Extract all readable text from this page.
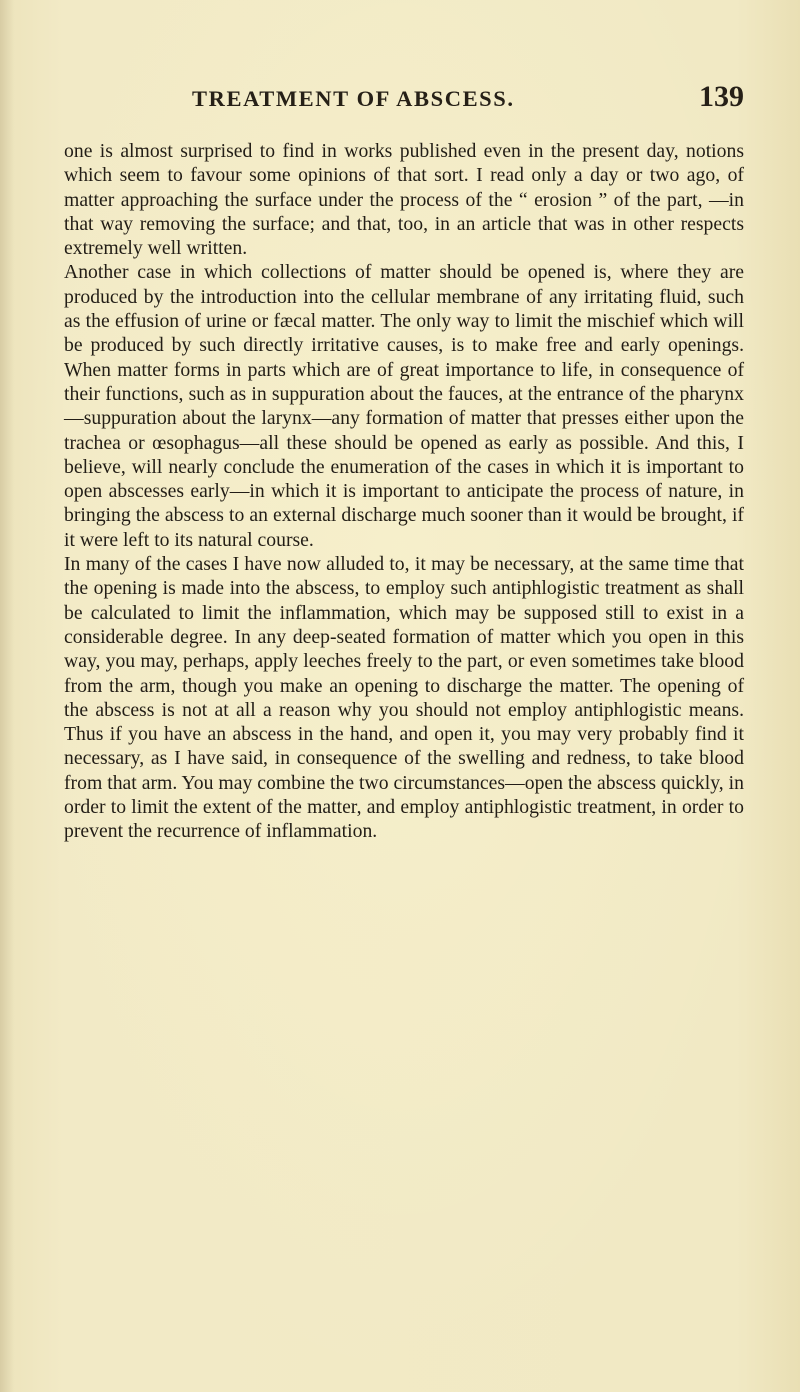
TREATMENT OF ABSCESS.	139

one is almost surprised to find in works published even in the present day, notions which seem to favour some opinions of that sort. I read only a day or two ago, of matter approaching the surface under the process of the “ erosion ” of the part, —in that way removing the surface; and that, too, in an article that was in other respects extremely well written.

Another case in which collections of matter should be opened is, where they are produced by the introduction into the cellular membrane of any irritating fluid, such as the effusion of urine or fæcal matter. The only way to limit the mischief which will be produced by such directly irritative causes, is to make free and early openings. When matter forms in parts which are of great importance to life, in consequence of their functions, such as in suppuration about the fauces, at the entrance of the pharynx—suppuration about the larynx—any formation of matter that presses either upon the trachea or œsophagus—all these should be opened as early as possible. And this, I believe, will nearly conclude the enumeration of the cases in which it is important to open abscesses early—in which it is important to anticipate the process of nature, in bringing the abscess to an external discharge much sooner than it would be brought, if it were left to its natural course.

In many of the cases I have now alluded to, it may be necessary, at the same time that the opening is made into the abscess, to employ such antiphlogistic treatment as shall be calculated to limit the inflammation, which may be supposed still to exist in a considerable degree. In any deep-seated formation of matter which you open in this way, you may, perhaps, apply leeches freely to the part, or even sometimes take blood from the arm, though you make an opening to discharge the matter. The opening of the abscess is not at all a reason why you should not employ antiphlogistic means. Thus if you have an abscess in the hand, and open it, you may very probably find it necessary, as I have said, in consequence of the swelling and redness, to take blood from that arm. You may combine the two circumstances—open the abscess quickly, in order to limit the extent of the matter, and employ antiphlogistic treatment, in order to prevent the recurrence of inflammation.
